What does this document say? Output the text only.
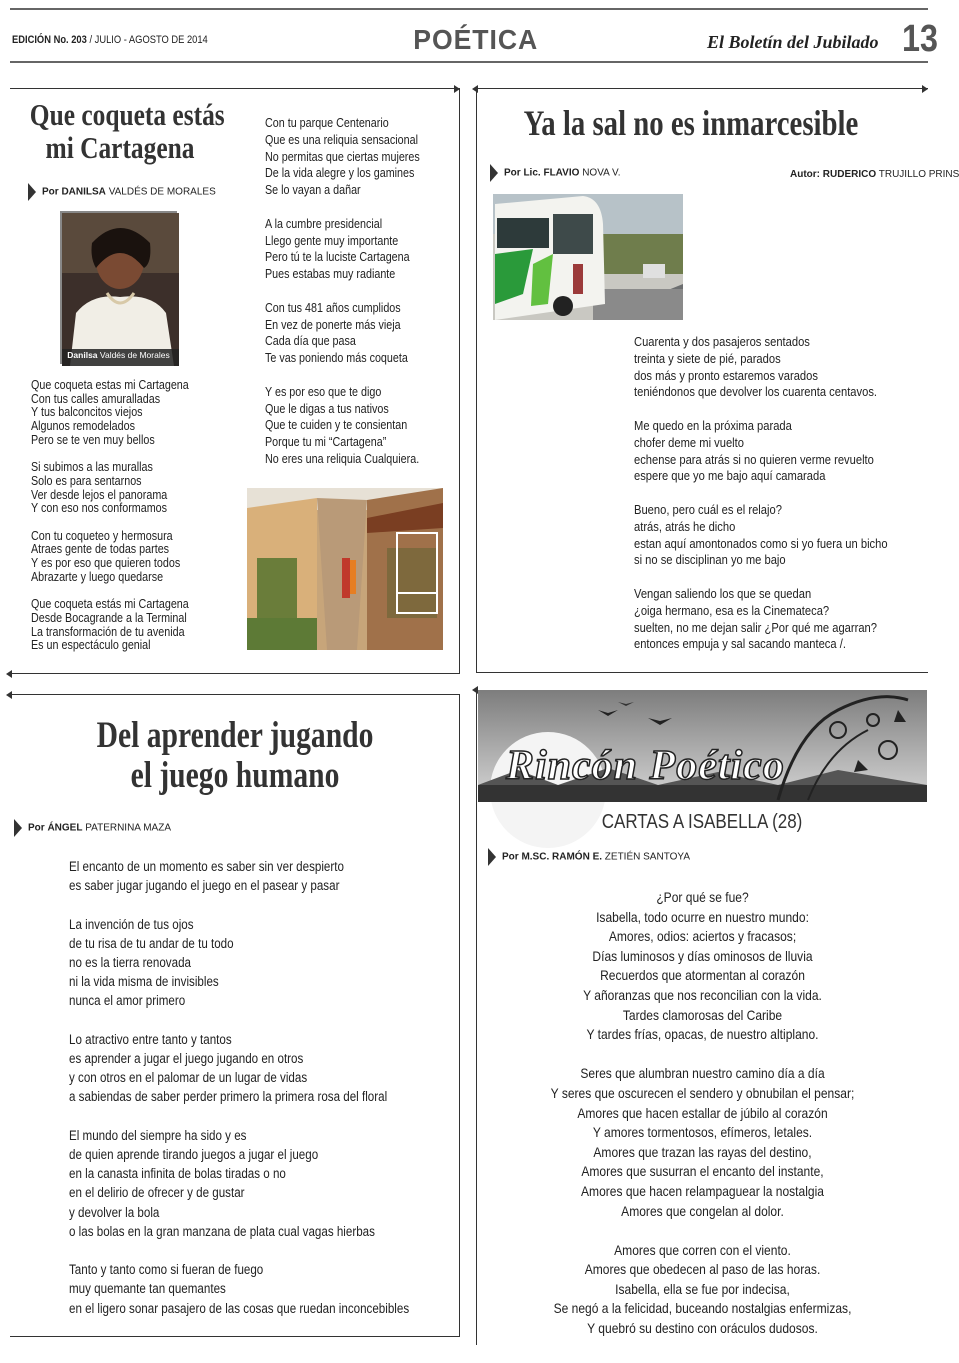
EDICIÓN No. 203 / JULIO - AGOSTO DE 2014	POÉTICA	El Boletín del Jubilado 13
Que coqueta estás
mi Cartagena
Por DANILSA VALDÉS DE MORALES
Danilsa Valdés de Morales
Que coqueta estas mi Cartagena
Con tus calles amuralladas
Y tus balconcitos viejos
Algunos remodelados
Pero se te ven muy bellos
Si subimos a las murallas
Solo es para sentarnos
Ver desde lejos el panorama
Y con eso nos conformamos
Con tu coqueteo y hermosura
Atraes gente de todas partes
Y es por eso que quieren todos
Abrazarte y luego quedarse
Que coqueta estás mi Cartagena
Desde Bocagrande a la Terminal
La transformación de tu avenida
Es un espectáculo genial
Con tu parque Centenario
Que es una reliquia sensacional
No permitas que ciertas mujeres
De la vida alegre y los gamines
Se lo vayan a dañar
A la cumbre presidencial
Llego gente muy importante
Pero tú te la luciste Cartagena
Pues estabas muy radiante
Con tus 481 años cumplidos
En vez de ponerte más vieja
Cada día que pasa
Te vas poniendo más coqueta
Y es por eso que te digo
Que le digas a tus nativos
Que te cuiden y te consientan
Porque tu mi “Cartagena”
No eres una reliquia Cualquiera.
Ya la sal no es inmarcesible
Por Lic. FLAVIO NOVA V.	Autor: RUDERICO TRUJILLO PRINS
Cuarenta y dos pasajeros sentados
treinta y siete de pié, parados
dos más y pronto estaremos varados
teniéndonos que devolver los cuarenta centavos.
Me quedo en la próxima parada
chofer deme mi vuelto
echense para atrás si no quieren verme revuelto
espere que yo me bajo aquí camarada
Bueno, pero cuál es el relajo?
atrás, atrás he dicho
estan aquí amontonados como si yo fuera un bicho
si no se disciplinan yo me bajo
Vengan saliendo los que se quedan
¿oiga hermano, esa es la Cinemateca?
suelten, no me dejan salir ¿Por qué me agarran?
entonces empuja y sal sacando manteca /.
Del aprender jugando
el juego humano
Por ÁNGEL PATERNINA MAZA
El encanto de un momento es saber sin ver despierto
es saber jugar jugando el juego en el pasear y pasar
La invención de tus ojos
de tu risa de tu andar de tu todo
no es la tierra renovada
ni la vida misma de invisibles
nunca el amor primero
Lo atractivo entre tanto y tantos
es aprender a jugar el juego jugando en otros
y con otros en el palomar de un lugar de vidas
a sabiendas de saber perder primero la primera rosa del floral
El mundo del siempre ha sido y es
de quien aprende tirando juegos a jugar el juego
en la canasta infinita de bolas tiradas o no
en el delirio de ofrecer y de gustar
y devolver la bola
o las bolas en la gran manzana de plata cual vagas hierbas
Tanto y tanto como si fueran de fuego
muy quemante tan quemantes
en el ligero sonar pasajero de las cosas que ruedan inconcebibles
Rincón Poético
CARTAS A ISABELLA (28)
Por M.SC. RAMÓN E. ZETIÉN SANTOYA
¿Por qué se fue?
Isabella, todo ocurre en nuestro mundo:
Amores, odios: aciertos y fracasos;
Días luminosos y días ominosos de lluvia
Recuerdos que atormentan al corazón
Y añoranzas que nos reconcilian con la vida.
Tardes clamorosas del Caribe
Y tardes frías, opacas, de nuestro altiplano.
Seres que alumbran nuestro camino día a día
Y seres que oscurecen el sendero y obnubilan el pensar;
Amores que hacen estallar de júbilo al corazón
Y amores tormentosos, efímeros, letales.
Amores que trazan las rayas del destino,
Amores que susurran el encanto del instante,
Amores que hacen relampaguear la nostalgia
Amores que congelan al dolor.
Amores que corren con el viento.
Amores que obedecen al paso de las horas.
Isabella, ella se fue por indecisa,
Se negó a la felicidad, buceando nostalgias enfermizas,
Y quebró su destino con oráculos dudosos.
